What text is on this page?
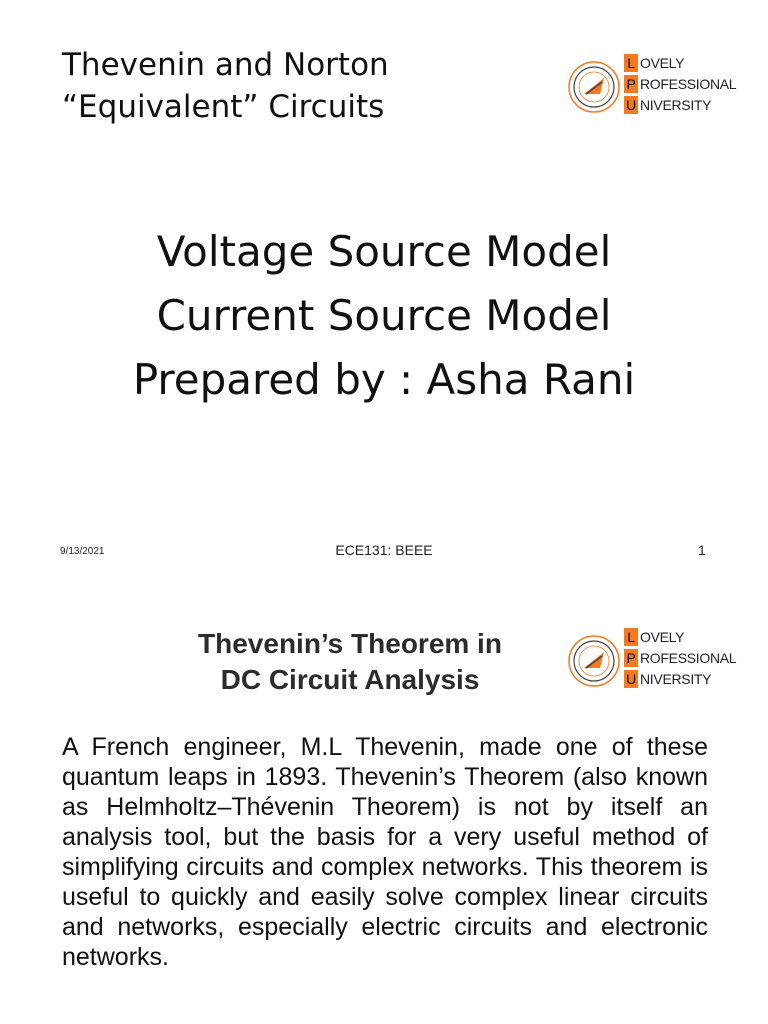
Thevenin and Norton
“Equivalent” Circuits
L OVELY
P ROFESSIONAL
U NIVERSITY
Voltage Source Model
Current Source Model
Prepared by : Asha Rani
9/13/2021	ECE131: BEEE	1
Thevenin’s Theorem in
DC Circuit Analysis
L OVELY
P ROFESSIONAL
U NIVERSITY
A French engineer, M.L Thevenin, made one of these quantum leaps in 1893. Thevenin’s Theorem (also known as Helmholtz–Thévenin Theorem) is not by itself an analysis tool, but the basis for a very useful method of simplifying circuits and complex networks. This theorem is useful to quickly and easily solve complex linear circuits and networks, especially electric circuits and electronic networks.
